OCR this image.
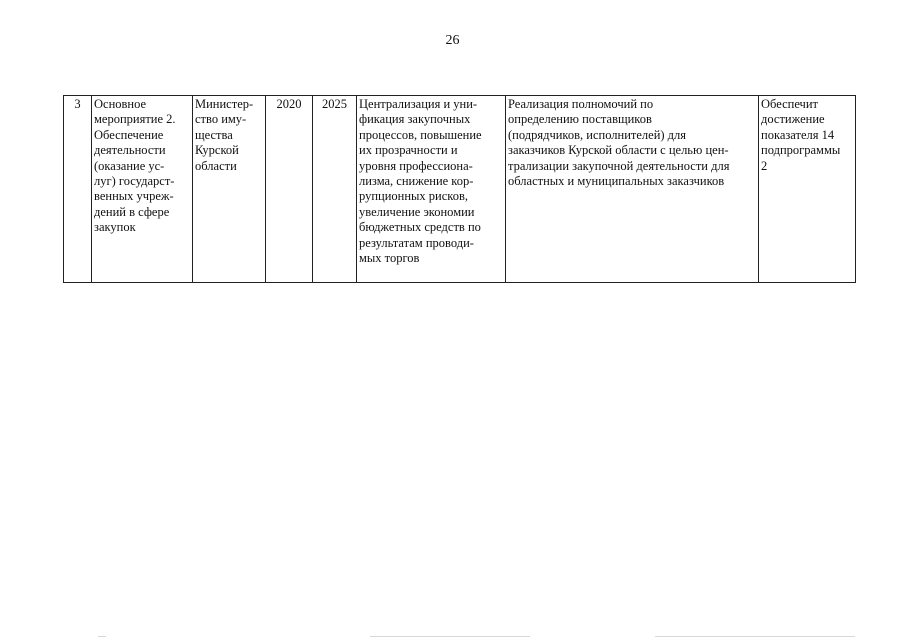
26
3	Основное
мероприятие 2.
Обеспечение
деятельности
(оказание ус-
луг) государст-
венных учреж-
дений в сфере
закупок	Министер-
ство иму-
щества
Курской
области	2020	2025	Централизация и уни-
фикация закупочных
процессов, повышение
их прозрачности и
уровня профессиона-
лизма, снижение кор-
рупционных рисков,
увеличение экономии
бюджетных средств по
результатам проводи-
мых торгов	Реализация полномочий по
определению поставщиков
(подрядчиков, исполнителей) для
заказчиков Курской области с целью цен-
трализации закупочной деятельности для
областных и муниципальных заказчиков	Обеспечит
достижение
показателя 14
подпрограммы
2
